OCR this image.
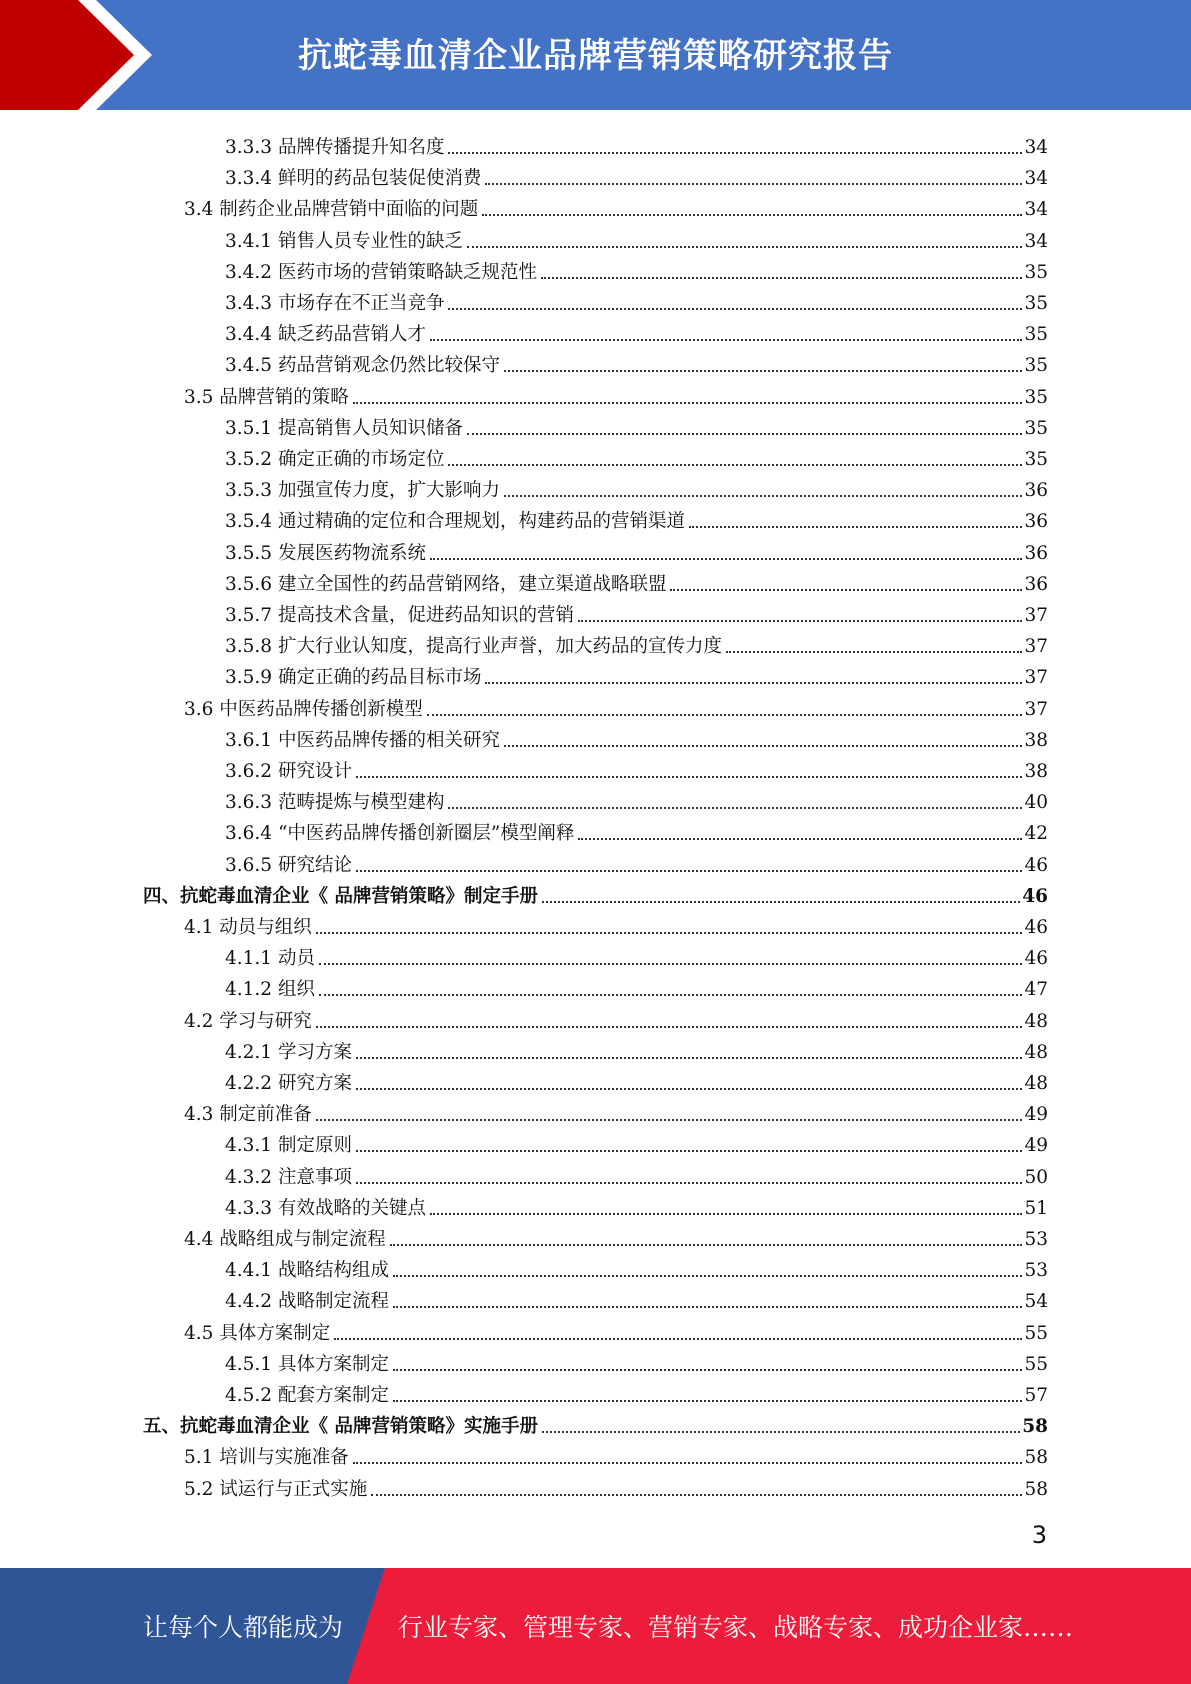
抗蛇毒血清企业品牌营销策略研究报告
3.3.3 品牌传播提升知名度	34
3.3.4 鲜明的药品包装促使消费	34
3.4 制药企业品牌营销中面临的问题	34
3.4.1 销售人员专业性的缺乏	34
3.4.2 医药市场的营销策略缺乏规范性	35
3.4.3 市场存在不正当竞争	35
3.4.4 缺乏药品营销人才	35
3.4.5 药品营销观念仍然比较保守	35
3.5 品牌营销的策略	35
3.5.1 提高销售人员知识储备	35
3.5.2 确定正确的市场定位	35
3.5.3 加强宣传力度，扩大影响力	36
3.5.4 通过精确的定位和合理规划，构建药品的营销渠道	36
3.5.5 发展医药物流系统	36
3.5.6 建立全国性的药品营销网络，建立渠道战略联盟	36
3.5.7 提高技术含量，促进药品知识的营销	37
3.5.8 扩大行业认知度，提高行业声誉，加大药品的宣传力度	37
3.5.9 确定正确的药品目标市场	37
3.6 中医药品牌传播创新模型	37
3.6.1 中医药品牌传播的相关研究	38
3.6.2 研究设计	38
3.6.3 范畴提炼与模型建构	40
3.6.4 “中医药品牌传播创新圈层”模型阐释	42
3.6.5 研究结论	46
四、抗蛇毒血清企业《 品牌营销策略》制定手册	46
4.1 动员与组织	46
4.1.1 动员	46
4.1.2 组织	47
4.2 学习与研究	48
4.2.1 学习方案	48
4.2.2 研究方案	48
4.3 制定前准备	49
4.3.1 制定原则	49
4.3.2 注意事项	50
4.3.3 有效战略的关键点	51
4.4 战略组成与制定流程	53
4.4.1 战略结构组成	53
4.4.2 战略制定流程	54
4.5 具体方案制定	55
4.5.1 具体方案制定	55
4.5.2 配套方案制定	57
五、抗蛇毒血清企业《 品牌营销策略》实施手册	58
5.1 培训与实施准备	58
5.2 试运行与正式实施	58
3
让每个人都能成为 行业专家、管理专家、营销专家、战略专家、成功企业家……
